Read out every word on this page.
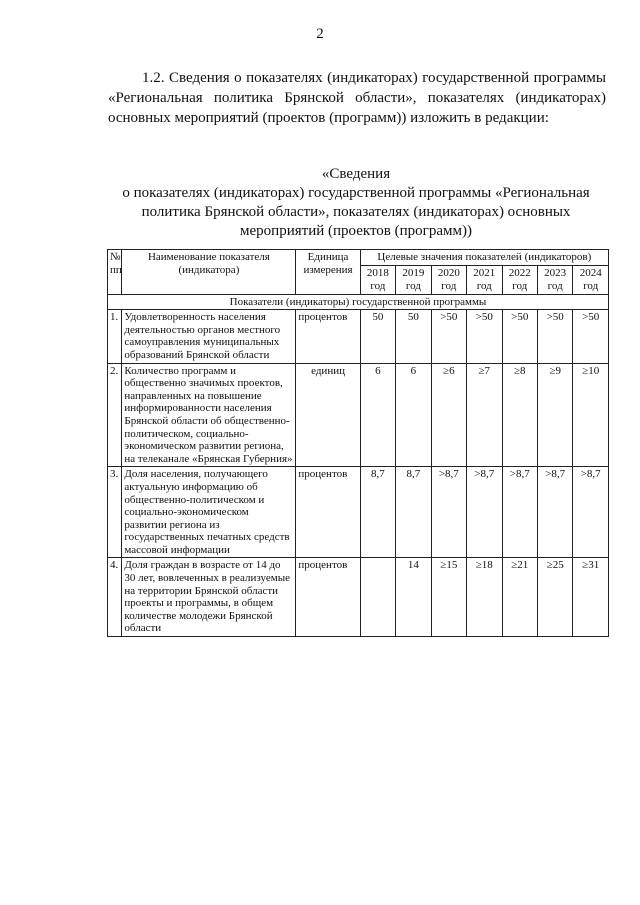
2

1.2. Сведения о показателях (индикаторах) государственной программы «Региональная политика Брянской области», показателях (индикаторах) основных мероприятий (проектов (программ)) изложить в редакции:

«Сведения
о показателях (индикаторах) государственной программы «Региональная
политика Брянской области», показателях (индикаторах) основных
мероприятий (проектов (программ))

№ пп	Наименование показателя (индикатора)	Единица измерения	Целевые значения показателей (индикаторов)						
			2018 год	2019 год	2020 год	2021 год	2022 год	2023 год	2024 год
Показатели (индикаторы) государственной программы									
1.	Удовлетворенность населения деятельностью органов местного самоуправления муниципальных образований Брянской области	процентов	50	50	>50	>50	>50	>50	>50
2.	Количество программ и общественно значимых проектов, направленных на повышение информированности населения Брянской области об общественно-политическом, социально-экономическом развитии региона, на телеканале «Брянская Губерния»	единиц	6	6	≥6	≥7	≥8	≥9	≥10
3.	Доля населения, получающего актуальную информацию об общественно-политическом и социально-экономическом развитии региона из государственных печатных средств массовой информации	процентов	8,7	8,7	>8,7	>8,7	>8,7	>8,7	>8,7
4.	Доля граждан в возрасте от 14 до 30 лет, вовлеченных в реализуемые на территории Брянской области проекты и программы, в общем количестве молодежи Брянской области	процентов		14	≥15	≥18	≥21	≥25	≥31
